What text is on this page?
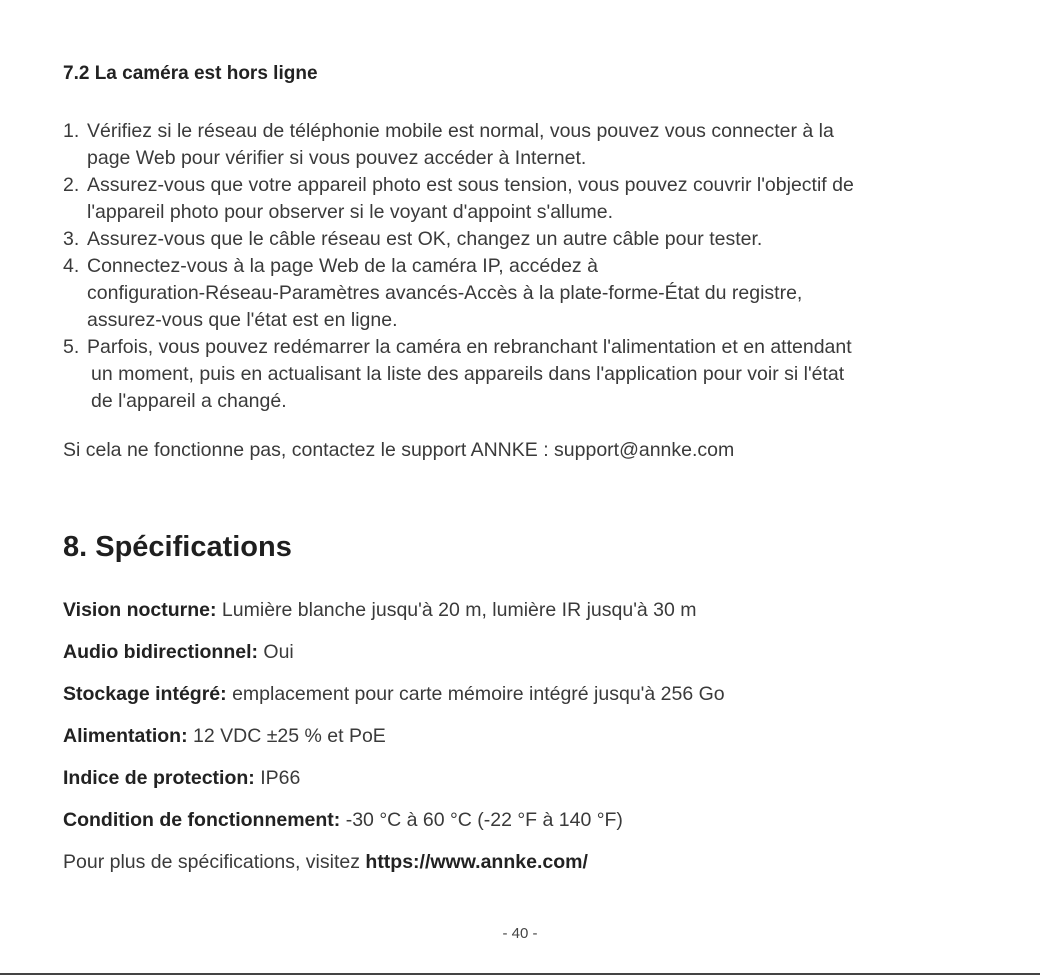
7.2 La caméra est hors ligne
1. Vérifiez si le réseau de téléphonie mobile est normal, vous pouvez vous connecter à la
page Web pour vérifier si vous pouvez accéder à Internet.
2. Assurez-vous que votre appareil photo est sous tension, vous pouvez couvrir l'objectif de
l'appareil photo pour observer si le voyant d'appoint s'allume.
3. Assurez-vous que le câble réseau est OK, changez un autre câble pour tester.
4. Connectez-vous à la page Web de la caméra IP, accédez à
configuration-Réseau-Paramètres avancés-Accès à la plate-forme-État du registre,
assurez-vous que l'état est en ligne.
5. Parfois, vous pouvez redémarrer la caméra en rebranchant l'alimentation et en attendant
un moment, puis en actualisant la liste des appareils dans l'application pour voir si l'état
de l'appareil a changé.

Si cela ne fonctionne pas, contactez le support ANNKE : support@annke.com

8. Spécifications
Vision nocturne: Lumière blanche jusqu'à 20 m, lumière IR jusqu'à 30 m
Audio bidirectionnel: Oui
Stockage intégré: emplacement pour carte mémoire intégré jusqu'à 256 Go
Alimentation: 12 VDC ±25 % et PoE
Indice de protection: IP66
Condition de fonctionnement: -30 °C à 60 °C (-22 °F à 140 °F)
Pour plus de spécifications, visitez https://www.annke.com/
- 40 -
